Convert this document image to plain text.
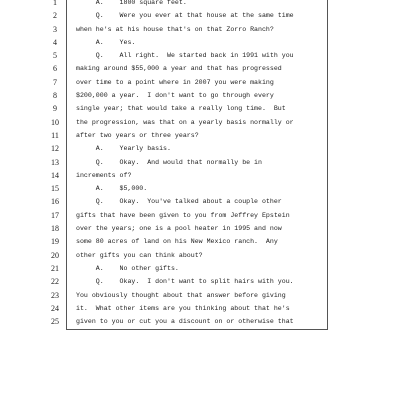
1
2
3
4
5
6
7
8
9
10
11
12
13
14
15
16
17
18
19
20
21
22
23
24
25
A.    1800 square feet.
Q.    Were you ever at that house at the same time
when he's at his house that's on that Zorro Ranch?
A.    Yes.
Q.    All right.  We started back in 1991 with you
making around $55,000 a year and that has progressed
over time to a point where in 2007 you were making
$200,000 a year.  I don't want to go through every
single year; that would take a really long time.  But
the progression, was that on a yearly basis normally or
after two years or three years?
A.    Yearly basis.
Q.    Okay.  And would that normally be in
increments of?
A.    $5,000.
Q.    Okay.  You've talked about a couple other
gifts that have been given to you from Jeffrey Epstein
over the years; one is a pool heater in 1995 and now
some 80 acres of land on his New Mexico ranch.  Any
other gifts you can think about?
A.    No other gifts.
Q.    Okay.  I don't want to split hairs with you.
You obviously thought about that answer before giving
it.  What other items are you thinking about that he's
given to you or cut you a discount on or otherwise that
